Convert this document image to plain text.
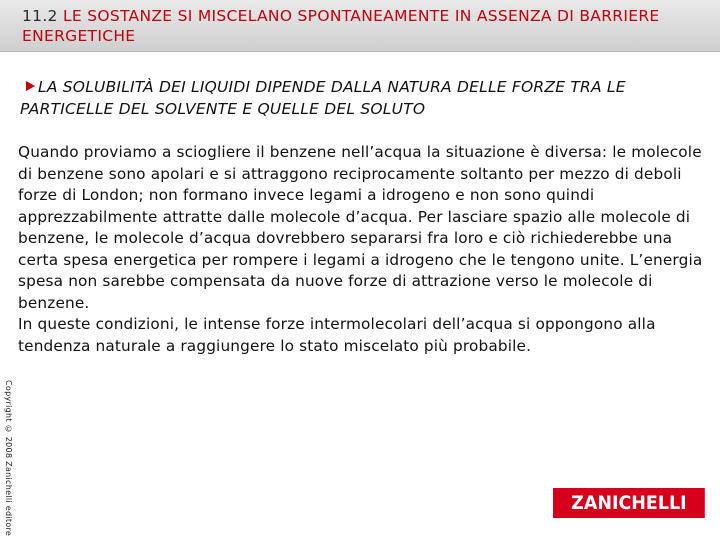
11.2 LE SOSTANZE SI MISCELANO SPONTANEAMENTE IN ASSENZA DI BARRIERE ENERGETICHE
LA SOLUBILITÀ DEI LIQUIDI DIPENDE DALLA NATURA DELLE FORZE TRA LE PARTICELLE DEL SOLVENTE E QUELLE DEL SOLUTO

Quando proviamo a sciogliere il benzene nell’acqua la situazione è diversa: le molecole di benzene sono apolari e si attraggono reciprocamente soltanto per mezzo di deboli forze di London; non formano invece legami a idrogeno e non sono quindi apprezzabilmente attratte dalle molecole d’acqua. Per lasciare spazio alle molecole di benzene, le molecole d’acqua dovrebbero separarsi fra loro e ciò richiederebbe una certa spesa energetica per rompere i legami a idrogeno che le tengono unite. L’energia spesa non sarebbe compensata da nuove forze di attrazione verso le molecole di benzene.

In queste condizioni, le intense forze intermolecolari dell’acqua si oppongono alla tendenza naturale a raggiungere lo stato miscelato più probabile.

Copyright © 2008 Zanichelli editore	ZANICHELLI
